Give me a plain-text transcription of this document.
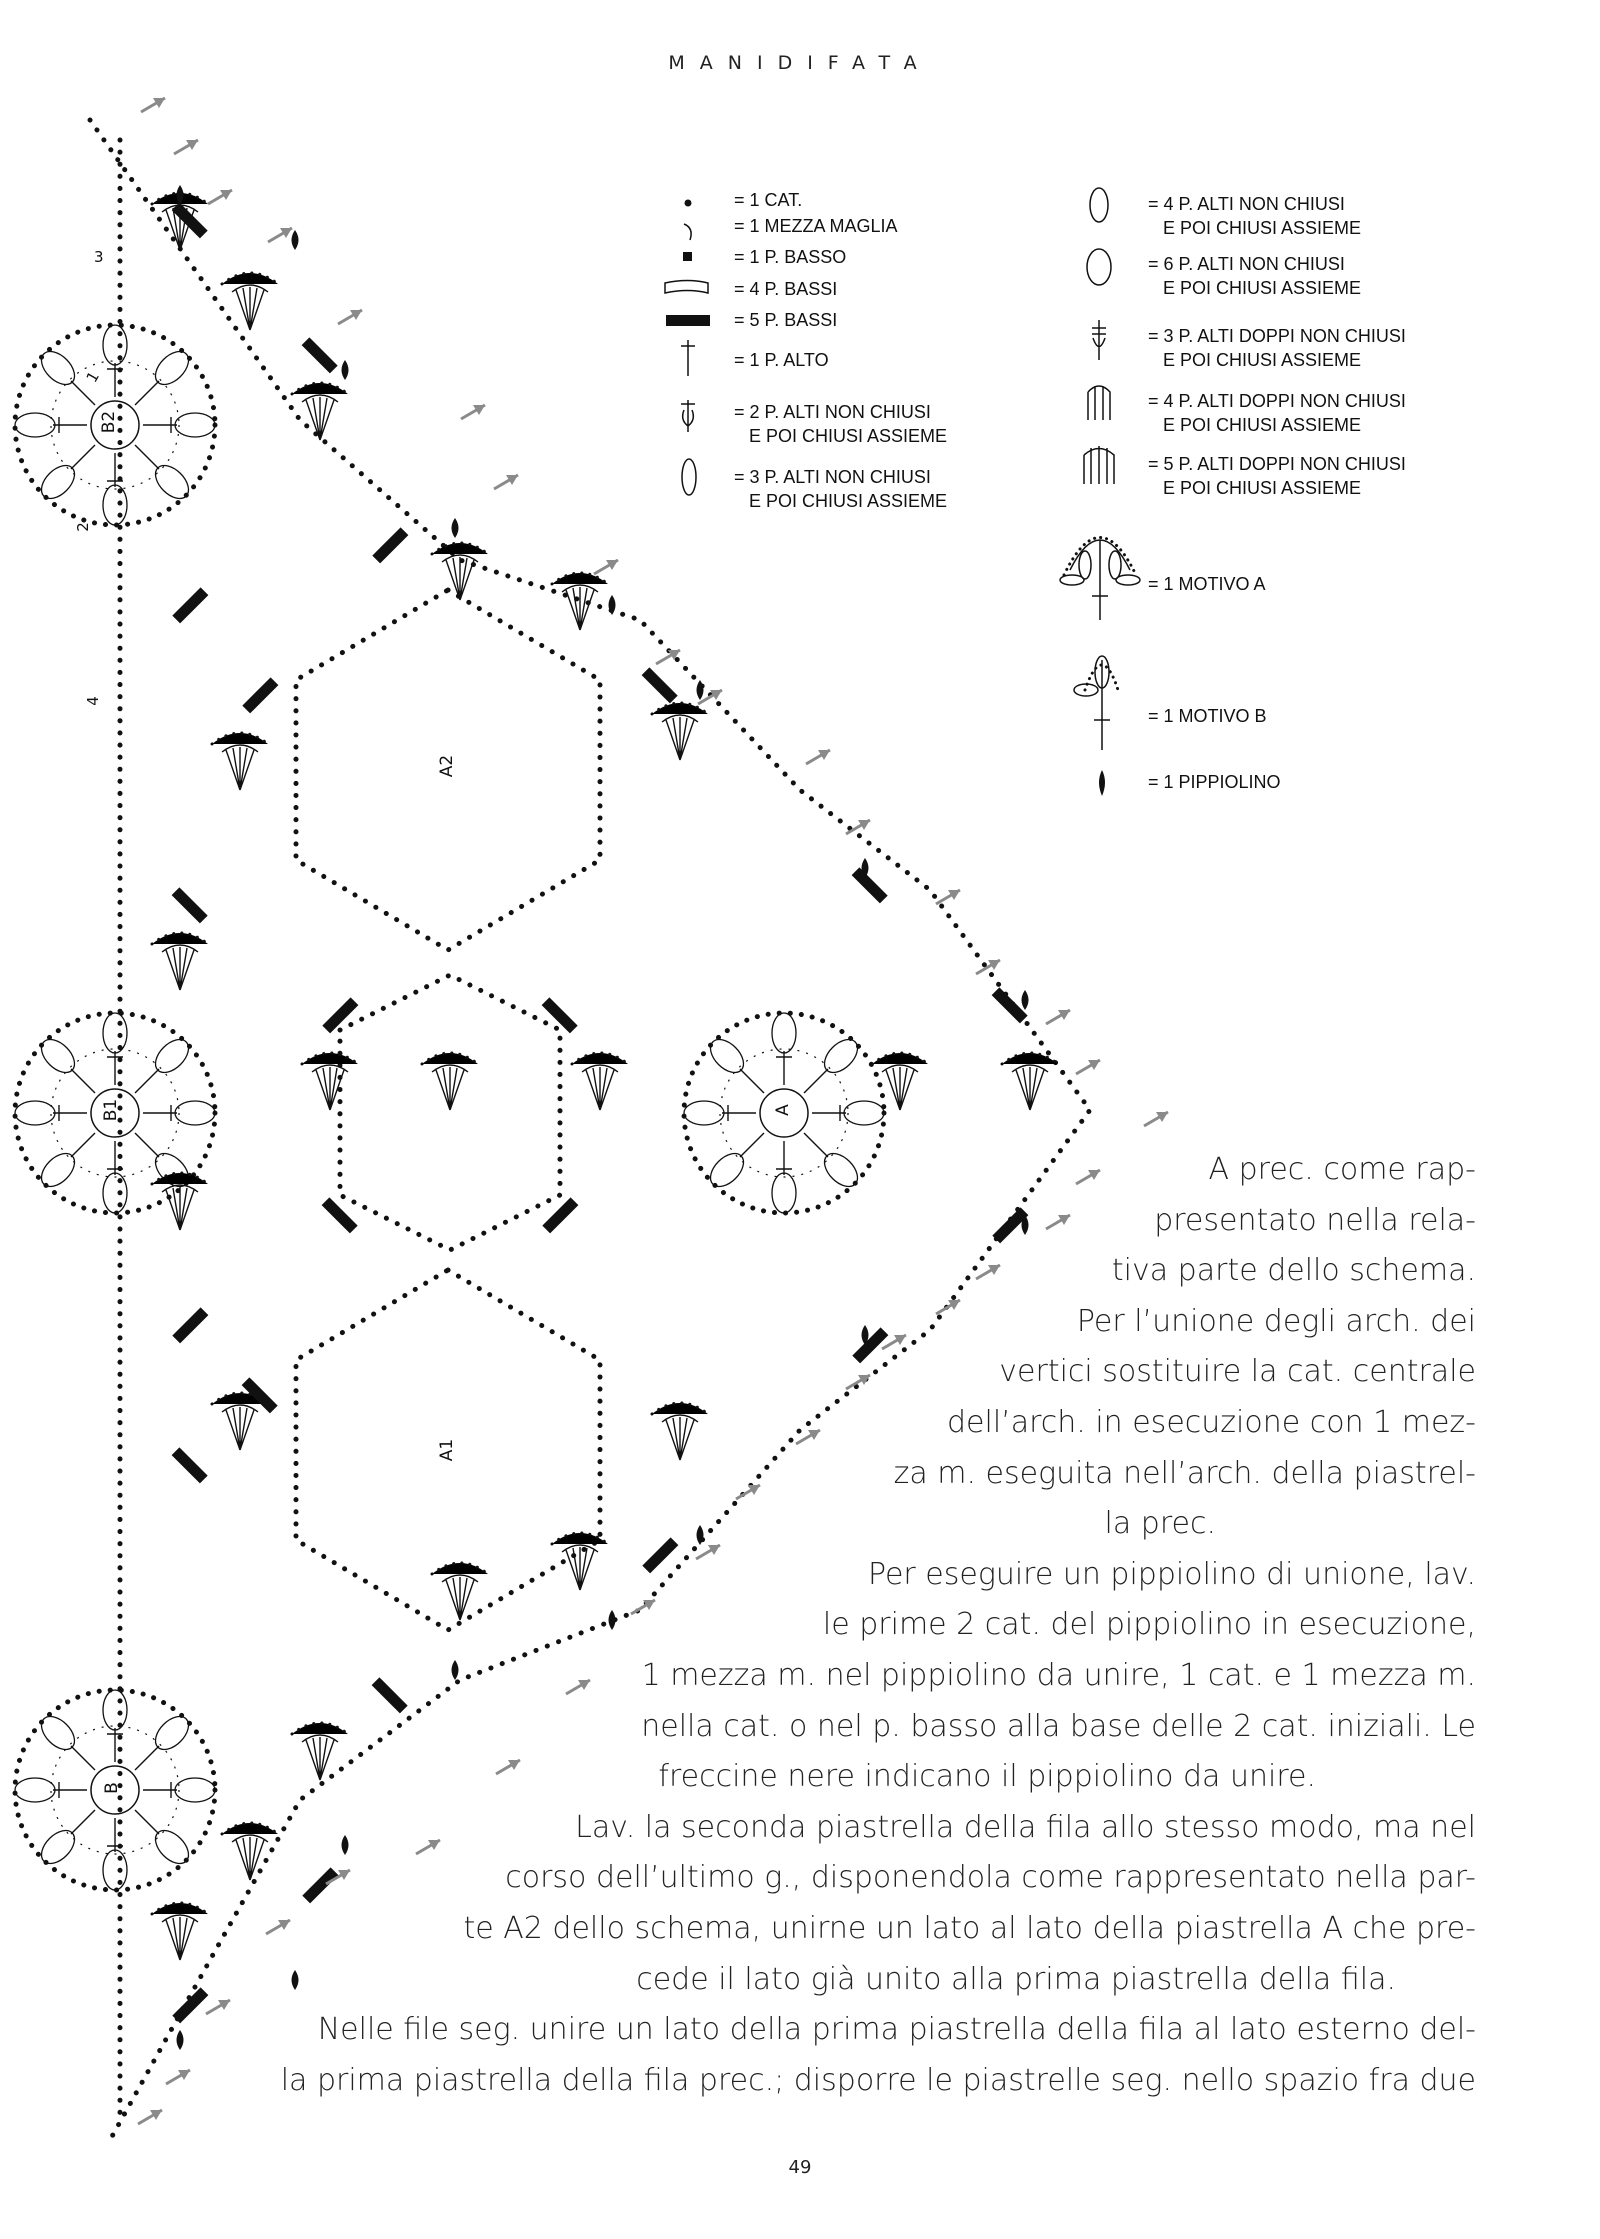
MANIDIFATA
B2
B1
B
A
A2
A1
1
2
3
4
= 1 CAT.
= 1 MEZZA MAGLIA
= 1 P. BASSO
= 4 P. BASSI
= 5 P. BASSI
= 1 P. ALTO
= 2 P. ALTI NON CHIUSI
E POI CHIUSI ASSIEME
= 3 P. ALTI NON CHIUSI
E POI CHIUSI ASSIEME
= 4 P. ALTI NON CHIUSI
E POI CHIUSI ASSIEME
= 6 P. ALTI NON CHIUSI
E POI CHIUSI ASSIEME
= 3 P. ALTI DOPPI NON CHIUSI
E POI CHIUSI ASSIEME
= 4 P. ALTI DOPPI NON CHIUSI
E POI CHIUSI ASSIEME
= 5 P. ALTI DOPPI NON CHIUSI
E POI CHIUSI ASSIEME
= 1 MOTIVO A
= 1 MOTIVO B
= 1 PIPPIOLINO
A prec. come rap-
presentato nella rela-
tiva parte dello schema.
Per l’unione degli arch. dei
vertici sostituire la cat. centrale
dell’arch. in esecuzione con 1 mez-
za m. eseguita nell’arch. della piastrel-
la prec.
Per eseguire un pippiolino di unione, lav.
le prime 2 cat. del pippiolino in esecuzione,
1 mezza m. nel pippiolino da unire, 1 cat. e 1 mezza m.
nella cat. o nel p. basso alla base delle 2 cat. iniziali. Le
freccine nere indicano il pippiolino da unire.
Lav. la seconda piastrella della fila allo stesso modo, ma nel
corso dell’ultimo g., disponendola come rappresentato nella par-
te A2 dello schema, unirne un lato al lato della piastrella A che pre-
cede il lato già unito alla prima piastrella della fila.
Nelle file seg. unire un lato della prima piastrella della fila al lato esterno del-
la prima piastrella della fila prec.; disporre le piastrelle seg. nello spazio fra due
49
